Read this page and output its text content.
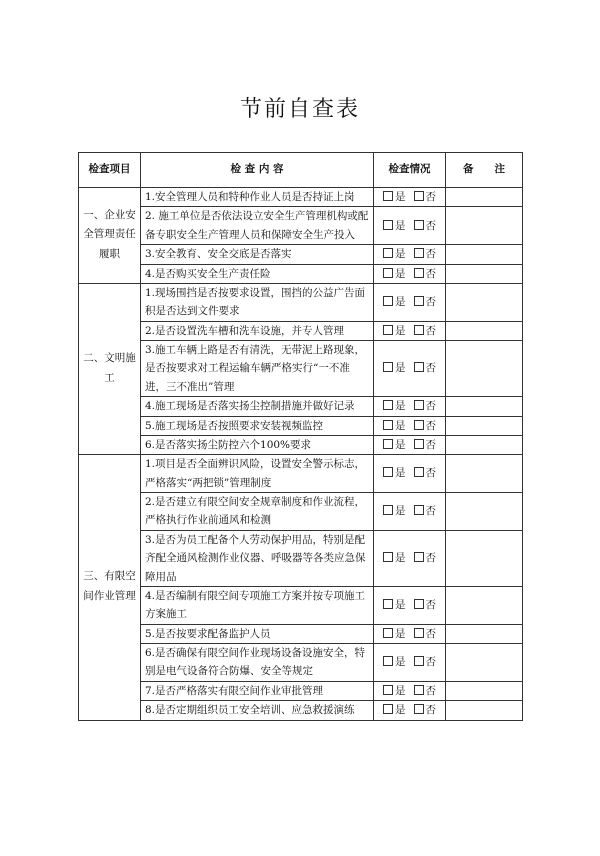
节前自查表
检查项目	检 查 内 容	检查情况	备　　注
一、企业安全管理责任履职	1.安全管理人员和特种作业人员是否持证上岗	是 否	
	2. 施工单位是否依法设立安全生产管理机构或配备专职安全生产管理人员和保障安全生产投入	是 否	
	3.安全教育、安全交底是否落实	是 否	
	4.是否购买安全生产责任险	是 否	
二、文明施工	1.现场围挡是否按要求设置，围挡的公益广告面积是否达到文件要求	是 否	
	2.是否设置洗车槽和洗车设施，并专人管理	是 否	
	3.施工车辆上路是否有清洗，无带泥上路现象，是否按要求对工程运输车辆严格实行“一不准进，三不准出”管理	是 否	
	4.施工现场是否落实扬尘控制措施并做好记录	是 否	
	5.施工现场是否按照要求安装视频监控	是 否	
	6.是否落实扬尘防控六个100%要求	是 否	
三、有限空间作业管理	1.项目是否全面辨识风险，设置安全警示标志，严格落实“两把锁”管理制度	是 否	
	2.是否建立有限空间安全规章制度和作业流程，严格执行作业前通风和检测	是 否	
	3.是否为员工配备个人劳动保护用品，特别是配齐配全通风检测作业仪器、呼吸器等各类应急保障用品	是 否	
	4.是否编制有限空间专项施工方案并按专项施工方案施工	是 否	
	5.是否按要求配备监护人员	是 否	
	6.是否确保有限空间作业现场设备设施安全，特别是电气设备符合防爆、安全等规定	是 否	
	7.是否严格落实有限空间作业审批管理	是 否	
	8.是否定期组织员工安全培训、应急救援演练	是 否	
